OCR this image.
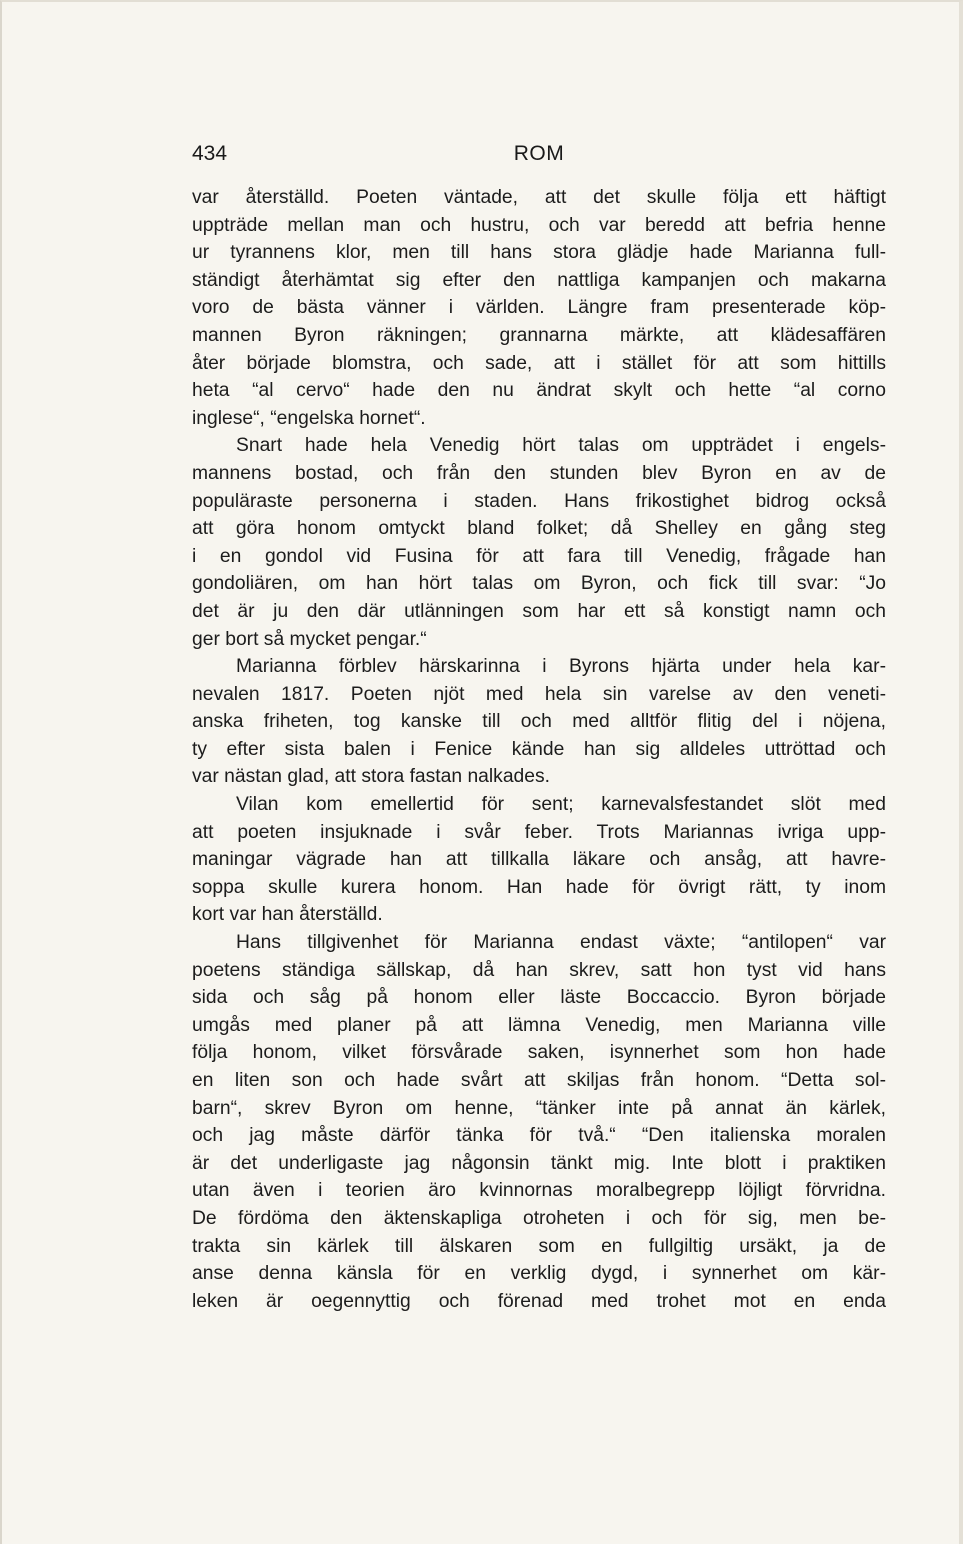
434	ROM
var återställd. Poeten väntade, att det skulle följa ett häftigt
uppträde mellan man och hustru, och var beredd att befria henne
ur tyrannens klor, men till hans stora glädje hade Marianna full-
ständigt återhämtat sig efter den nattliga kampanjen och makarna
voro de bästa vänner i världen. Längre fram presenterade köp-
mannen Byron räkningen; grannarna märkte, att klädesaffären
åter började blomstra, och sade, att i stället för att som hittills
heta “al cervo“ hade den nu ändrat skylt och hette “al corno
inglese“, “engelska hornet“.
Snart hade hela Venedig hört talas om uppträdet i engels-
mannens bostad, och från den stunden blev Byron en av de
populäraste personerna i staden. Hans frikostighet bidrog också
att göra honom omtyckt bland folket; då Shelley en gång steg
i en gondol vid Fusina för att fara till Venedig, frågade han
gondoliären, om han hört talas om Byron, och fick till svar: “Jo
det är ju den där utlänningen som har ett så konstigt namn och
ger bort så mycket pengar.“
Marianna förblev härskarinna i Byrons hjärta under hela kar-
nevalen 1817. Poeten njöt med hela sin varelse av den veneti-
anska friheten, tog kanske till och med alltför flitig del i nöjena,
ty efter sista balen i Fenice kände han sig alldeles uttröttad och
var nästan glad, att stora fastan nalkades.
Vilan kom emellertid för sent; karnevalsfestandet slöt med
att poeten insjuknade i svår feber. Trots Mariannas ivriga upp-
maningar vägrade han att tillkalla läkare och ansåg, att havre-
soppa skulle kurera honom. Han hade för övrigt rätt, ty inom
kort var han återställd.
Hans tillgivenhet för Marianna endast växte; “antilopen“ var
poetens ständiga sällskap, då han skrev, satt hon tyst vid hans
sida och såg på honom eller läste Boccaccio. Byron började
umgås med planer på att lämna Venedig, men Marianna ville
följa honom, vilket försvårade saken, isynnerhet som hon hade
en liten son och hade svårt att skiljas från honom. “Detta sol-
barn“, skrev Byron om henne, “tänker inte på annat än kärlek,
och jag måste därför tänka för två.“ “Den italienska moralen
är det underligaste jag någonsin tänkt mig. Inte blott i praktiken
utan även i teorien äro kvinnornas moralbegrepp löjligt förvridna.
De fördöma den äktenskapliga otroheten i och för sig, men be-
trakta sin kärlek till älskaren som en fullgiltig ursäkt, ja de
anse denna känsla för en verklig dygd, i synnerhet om kär-
leken är oegennyttig och förenad med trohet mot en enda
